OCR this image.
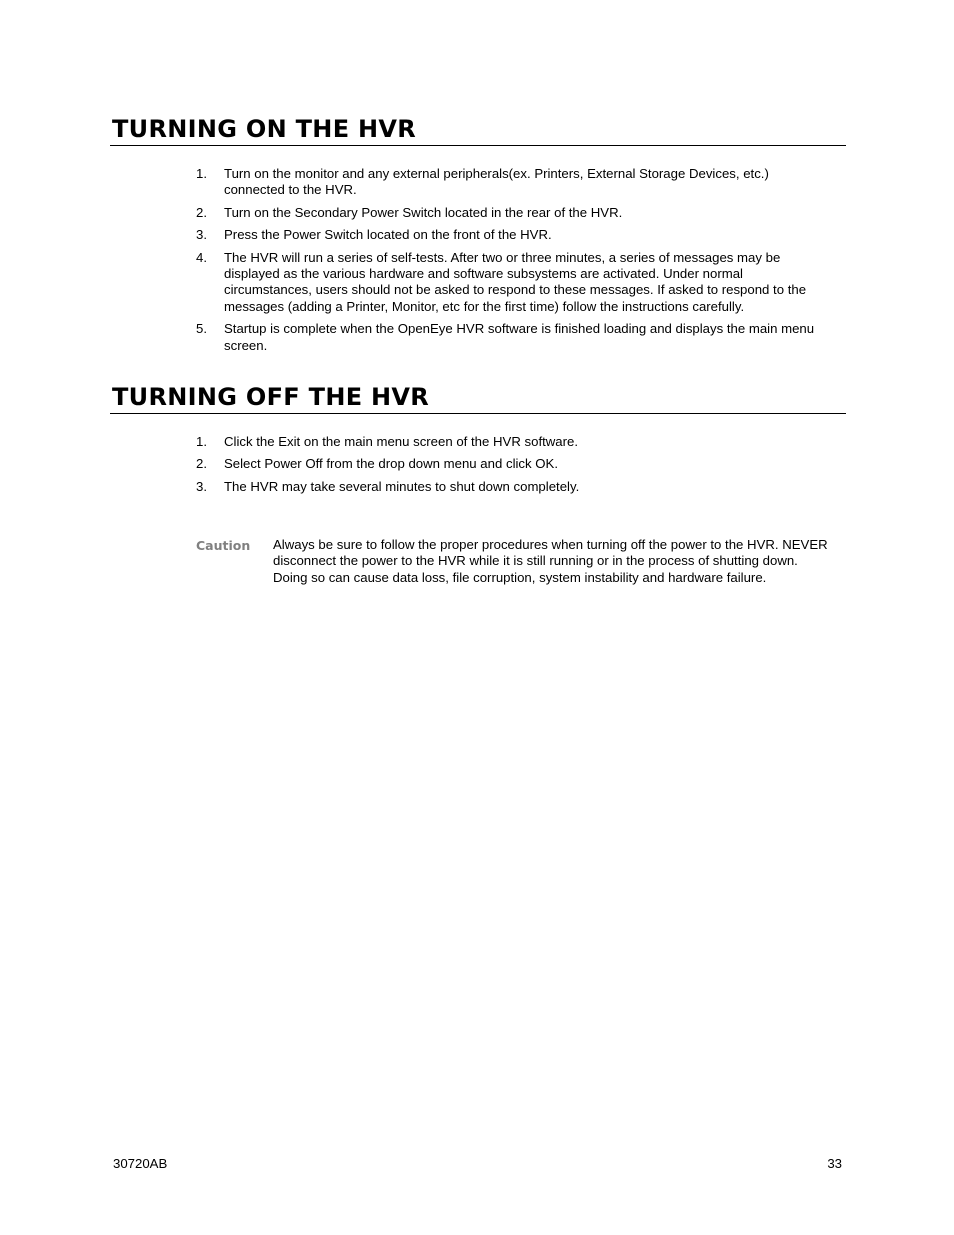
TURNING ON THE HVR
1. Turn on the monitor and any external peripherals(ex. Printers, External Storage Devices, etc.) connected to the HVR.
2. Turn on the Secondary Power Switch located in the rear of the HVR.
3. Press the Power Switch located on the front of the HVR.
4. The HVR will run a series of self-tests. After two or three minutes, a series of messages may be displayed as the various hardware and software subsystems are activated. Under normal circumstances, users should not be asked to respond to these messages. If asked to respond to the messages (adding a Printer, Monitor, etc for the first time) follow the instructions carefully.
5. Startup is complete when the OpenEye HVR software is finished loading and displays the main menu screen.
TURNING OFF THE HVR
1. Click the Exit on the main menu screen of the HVR software.
2. Select Power Off from the drop down menu and click OK.
3. The HVR may take several minutes to shut down completely.
Caution Always be sure to follow the proper procedures when turning off the power to the HVR. NEVER disconnect the power to the HVR while it is still running or in the process of shutting down. Doing so can cause data loss, file corruption, system instability and hardware failure.

30720AB	33
